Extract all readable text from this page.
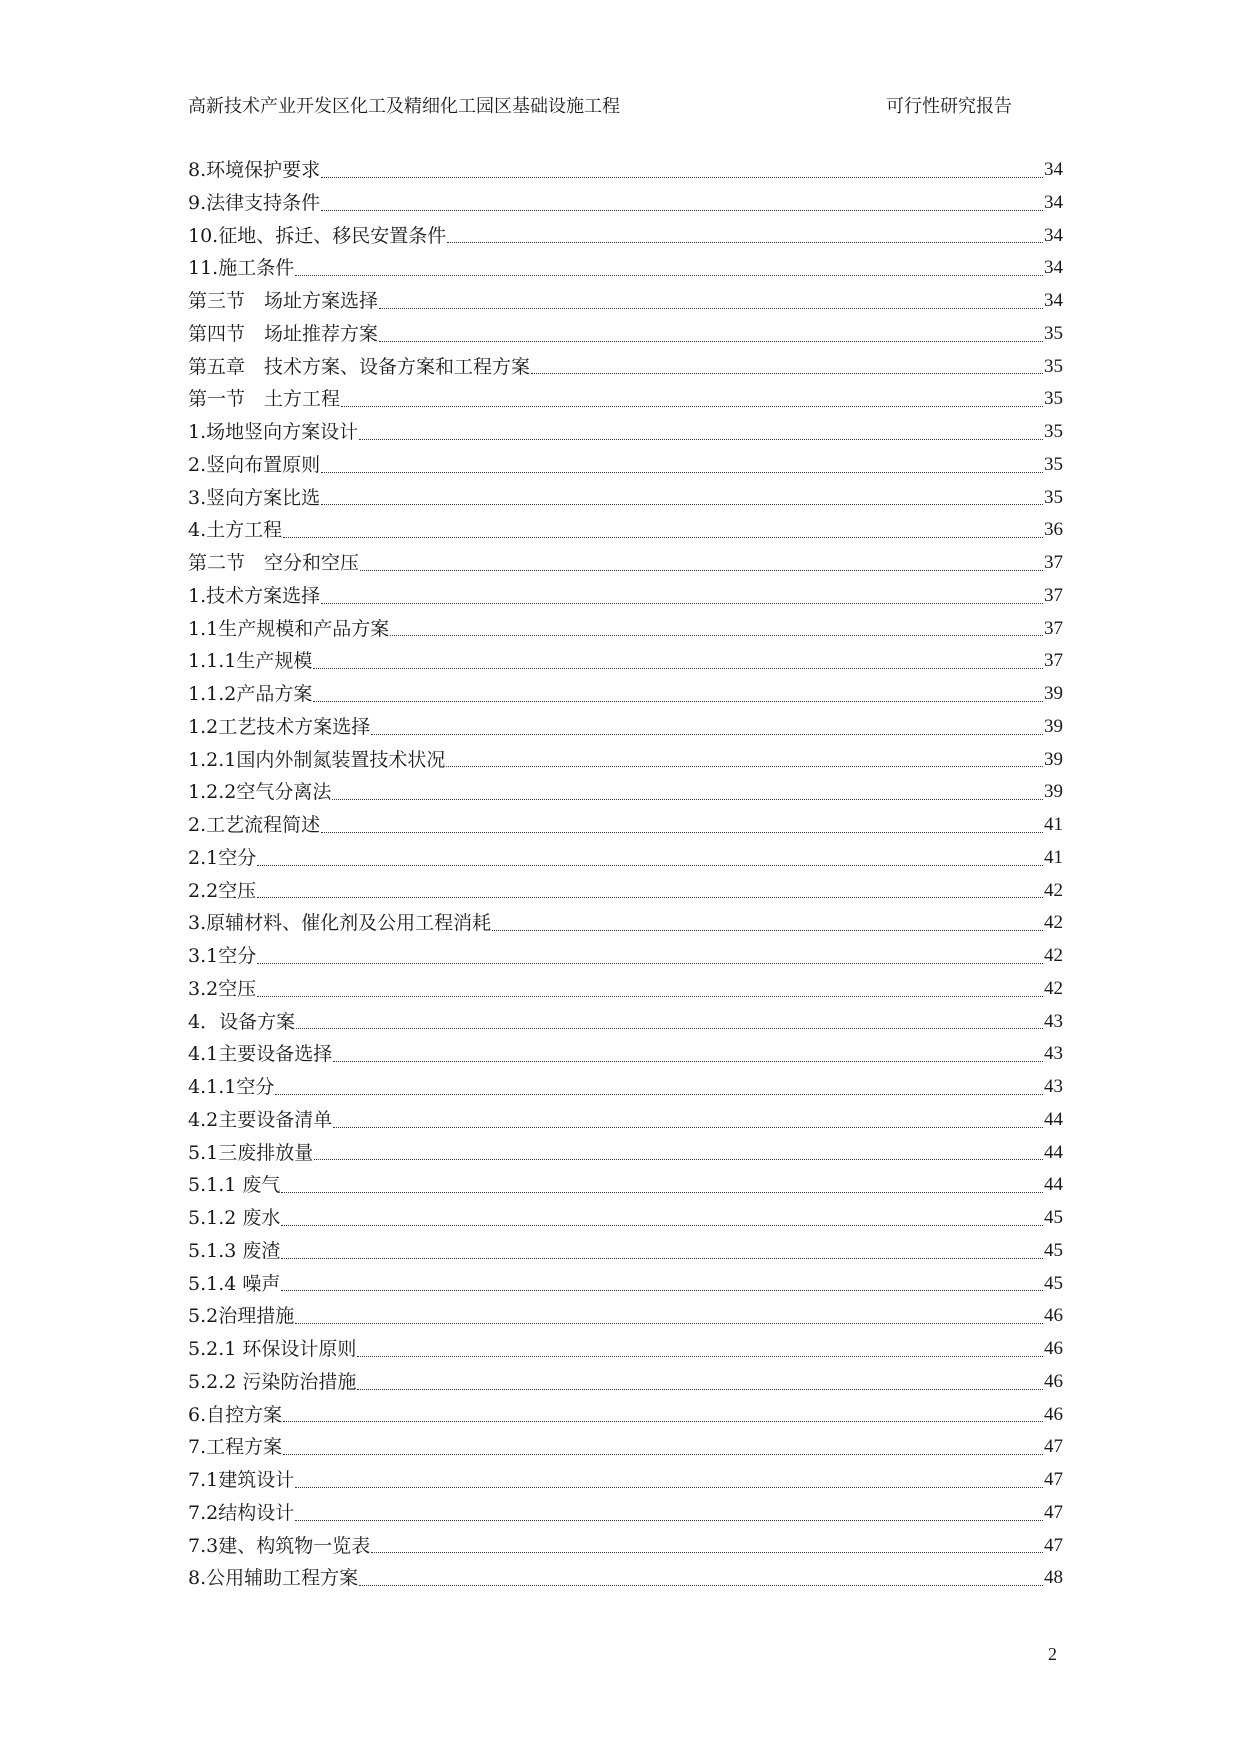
高新技术产业开发区化工及精细化工园区基础设施工程	可行性研究报告
8.环境保护要求	34
9.法律支持条件	34
10.征地、拆迁、移民安置条件	34
11.施工条件	34
第三节　场址方案选择	34
第四节　场址推荐方案	35
第五章　技术方案、设备方案和工程方案	35
第一节　土方工程	35
1.场地竖向方案设计	35
2.竖向布置原则	35
3.竖向方案比选	35
4.土方工程	36
第二节　空分和空压	37
1.技术方案选择	37
1.1生产规模和产品方案	37
1.1.1生产规模	37
1.1.2产品方案	39
1.2工艺技术方案选择	39
1.2.1国内外制氮装置技术状况	39
1.2.2空气分离法	39
2.工艺流程简述	41
2.1空分	41
2.2空压	42
3.原辅材料、催化剂及公用工程消耗	42
3.1空分	42
3.2空压	42
4．设备方案	43
4.1主要设备选择	43
4.1.1空分	43
4.2主要设备清单	44
5.1三废排放量	44
5.1.1 废气	44
5.1.2 废水	45
5.1.3 废渣	45
5.1.4 噪声	45
5.2治理措施	46
5.2.1 环保设计原则	46
5.2.2 污染防治措施	46
6.自控方案	46
7.工程方案	47
7.1建筑设计	47
7.2结构设计	47
7.3建、构筑物一览表	47
8.公用辅助工程方案	48
2
